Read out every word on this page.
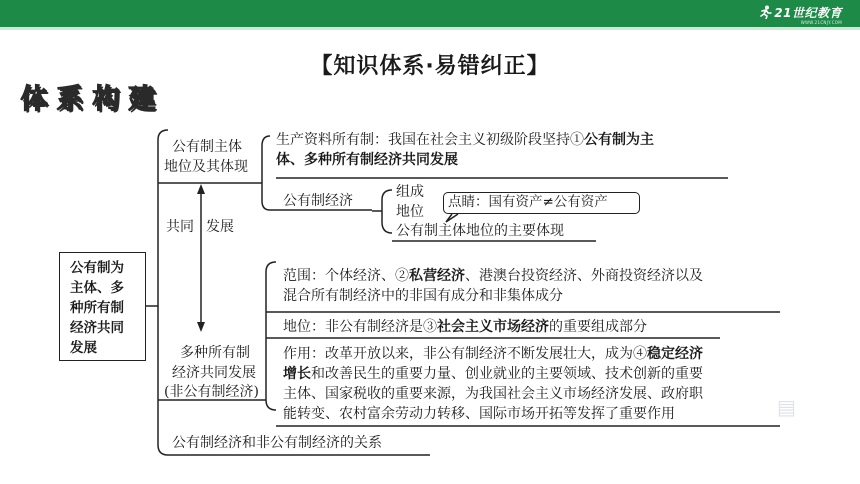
21世纪教育
WWW.21CNJY.COM
【知识体系·易错纠正】
体 系 构 建
公有制为
主体、多
种所有制
经济共同
发展
共同 发展
公有制主体
地位及其体现
生产资料所有制：我国在社会主义初级阶段坚持①公有制为主
体、多种所有制经济共同发展
公有制经济
组成
地位
点睛：国有资产≠公有资产
公有制主体地位的主要体现
多种所有制
经济共同发展
(非公有制经济)
范围：个体经济、②私营经济、港澳台投资经济、外商投资经济以及
混合所有制经济中的非国有成分和非集体成分
地位：非公有制经济是③社会主义市场经济的重要组成部分
作用：改革开放以来，非公有制经济不断发展壮大，成为④稳定经济
增长和改善民生的重要力量、创业就业的主要领域、技术创新的重要
主体、国家税收的重要来源，为我国社会主义市场经济发展、政府职
能转变、农村富余劳动力转移、国际市场开拓等发挥了重要作用
公有制经济和非公有制经济的关系
▤
